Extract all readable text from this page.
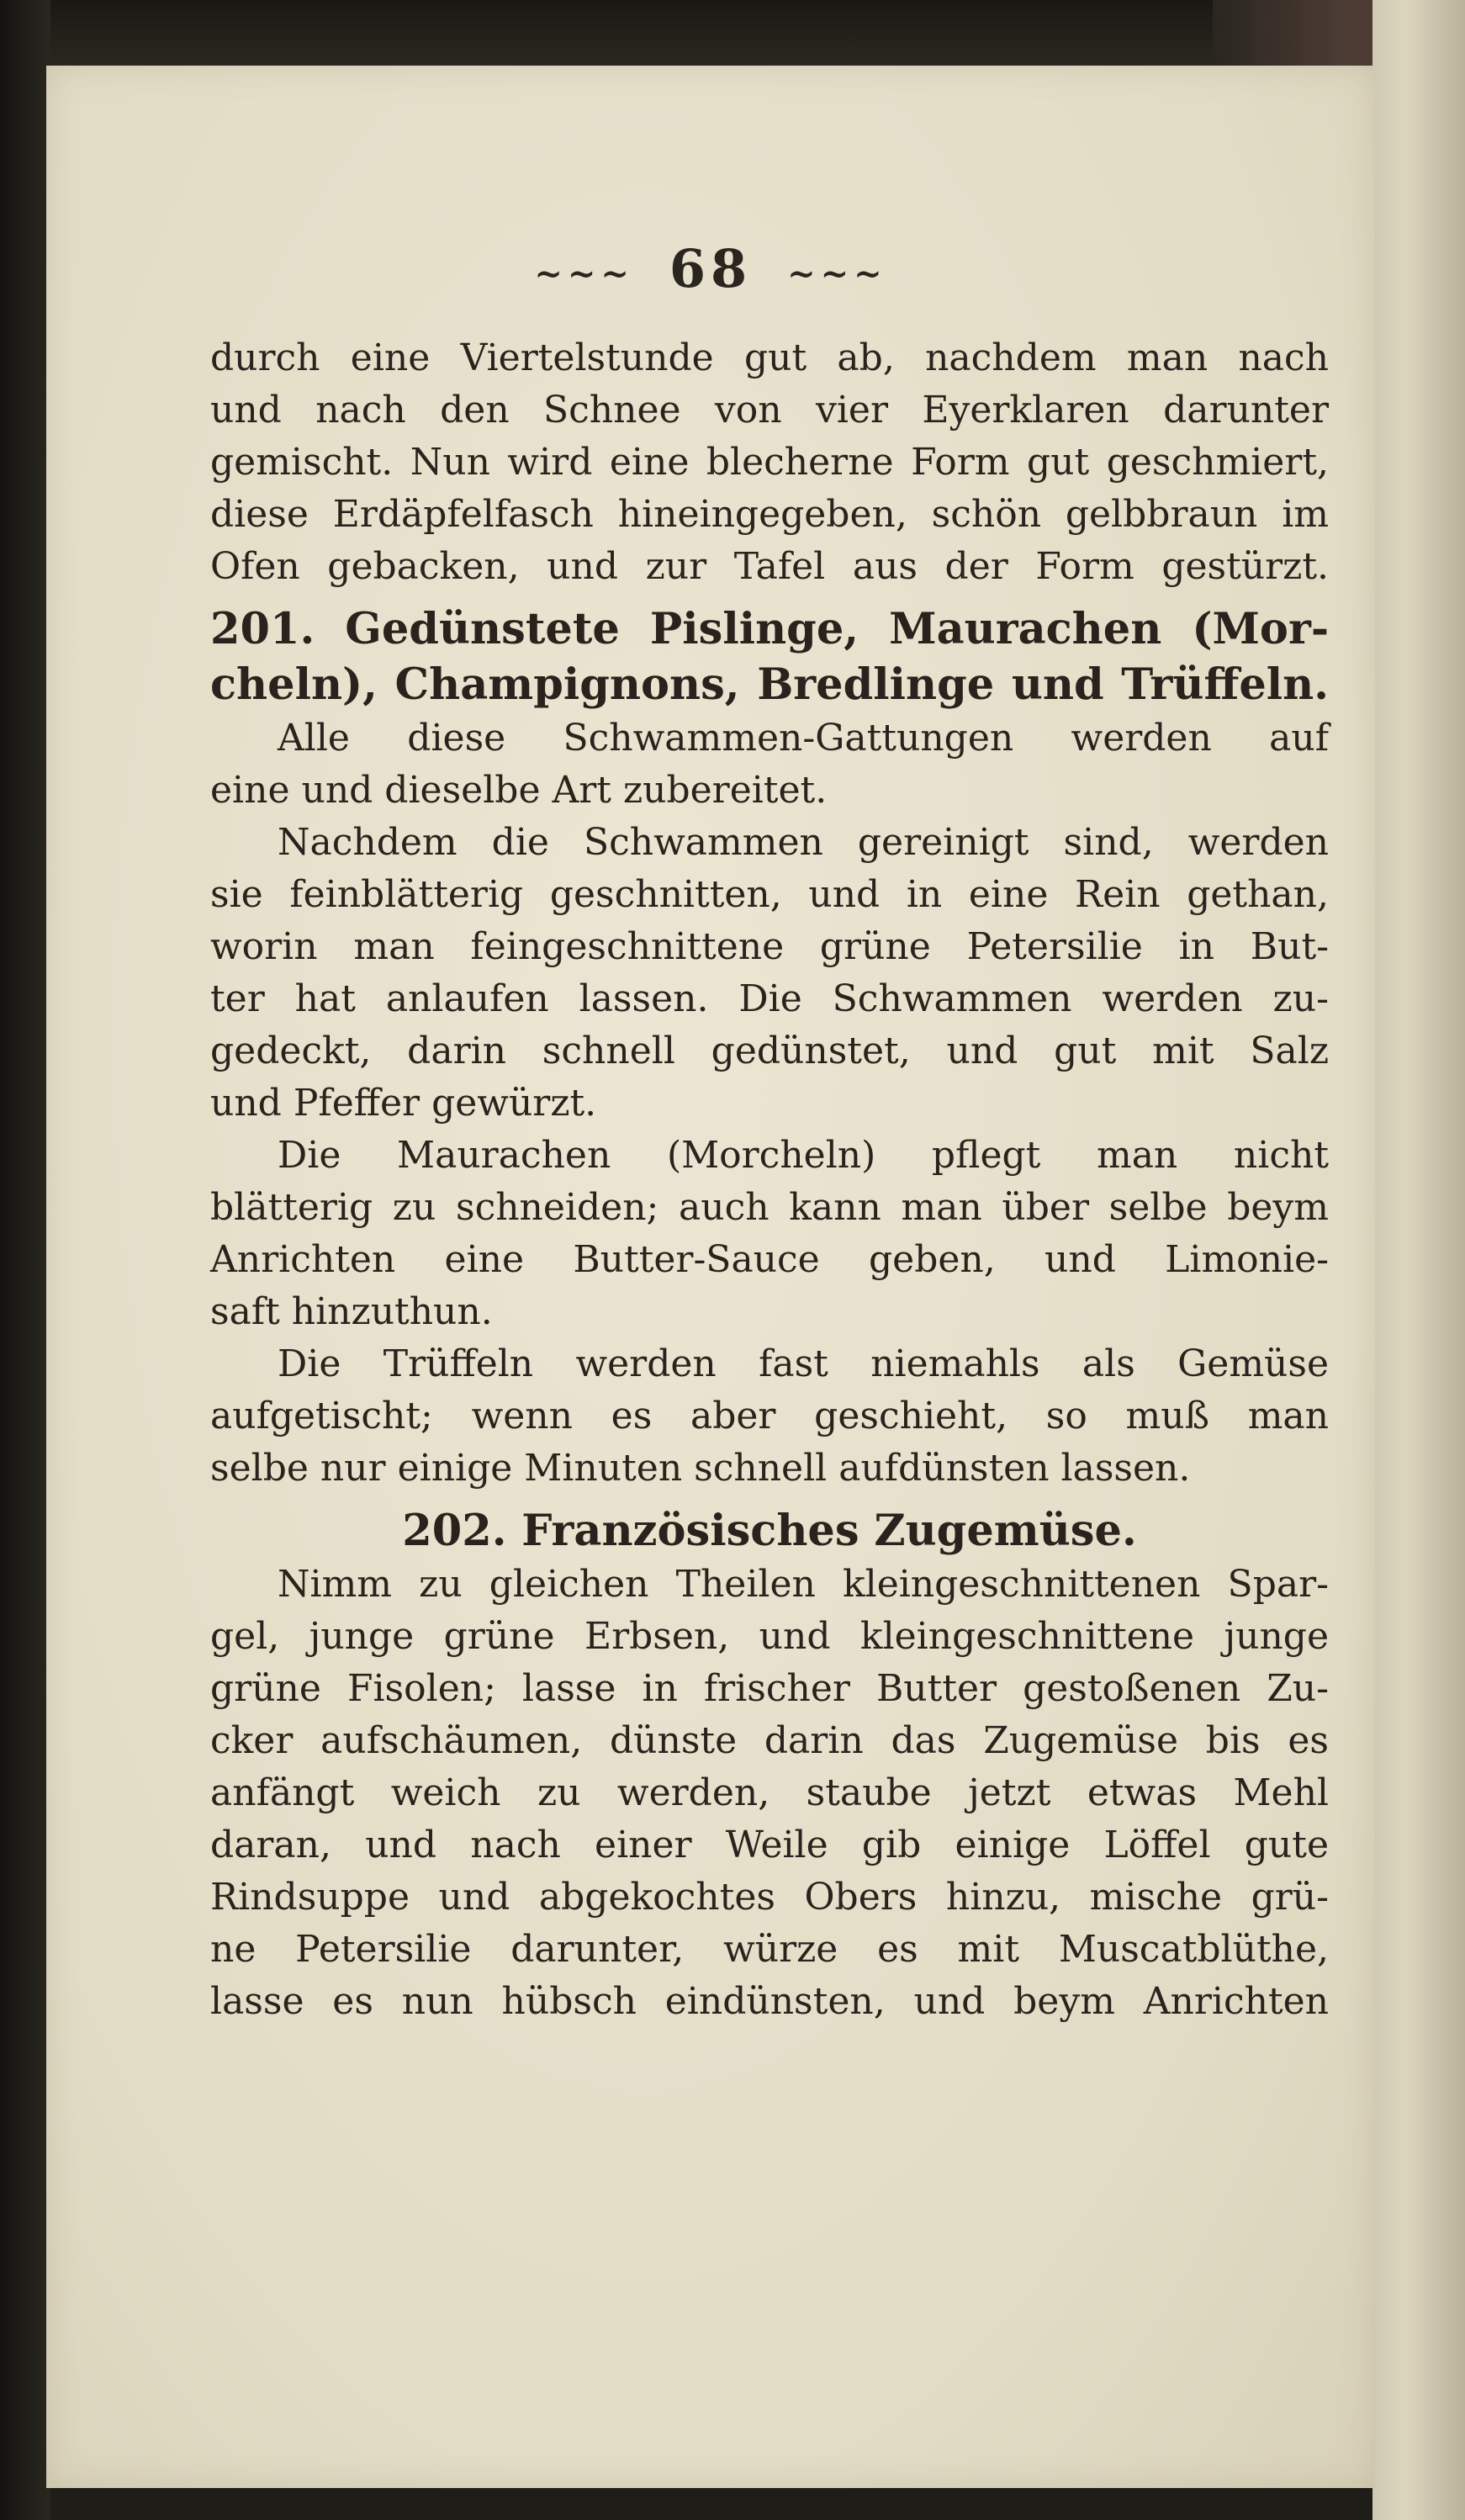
~~~ 68 ~~~
durch eine Viertelstunde gut ab, nachdem man nach
und nach den Schnee von vier Eyerklaren darunter
gemischt. Nun wird eine blecherne Form gut geschmiert,
diese Erdäpfelfasch hineingegeben, schön gelbbraun im
Ofen gebacken, und zur Tafel aus der Form gestürzt.
201. Gedünstete Pislinge, Maurachen (Mor-
cheln), Champignons, Bredlinge und Trüffeln.
Alle diese Schwammen-Gattungen werden auf
eine und dieselbe Art zubereitet.
Nachdem die Schwammen gereinigt sind, werden
sie feinblätterig geschnitten, und in eine Rein gethan,
worin man feingeschnittene grüne Petersilie in But-
ter hat anlaufen lassen. Die Schwammen werden zu-
gedeckt, darin schnell gedünstet, und gut mit Salz
und Pfeffer gewürzt.
Die Maurachen (Morcheln) pflegt man nicht
blätterig zu schneiden; auch kann man über selbe beym
Anrichten eine Butter-Sauce geben, und Limonie-
saft hinzuthun.
Die Trüffeln werden fast niemahls als Gemüse
aufgetischt; wenn es aber geschieht, so muß man
selbe nur einige Minuten schnell aufdünsten lassen.
202. Französisches Zugemüse.
Nimm zu gleichen Theilen kleingeschnittenen Spar-
gel, junge grüne Erbsen, und kleingeschnittene junge
grüne Fisolen; lasse in frischer Butter gestoßenen Zu-
cker aufschäumen, dünste darin das Zugemüse bis es
anfängt weich zu werden, staube jetzt etwas Mehl
daran, und nach einer Weile gib einige Löffel gute
Rindsuppe und abgekochtes Obers hinzu, mische grü-
ne Petersilie darunter, würze es mit Muscatblüthe,
lasse es nun hübsch eindünsten, und beym Anrichten
